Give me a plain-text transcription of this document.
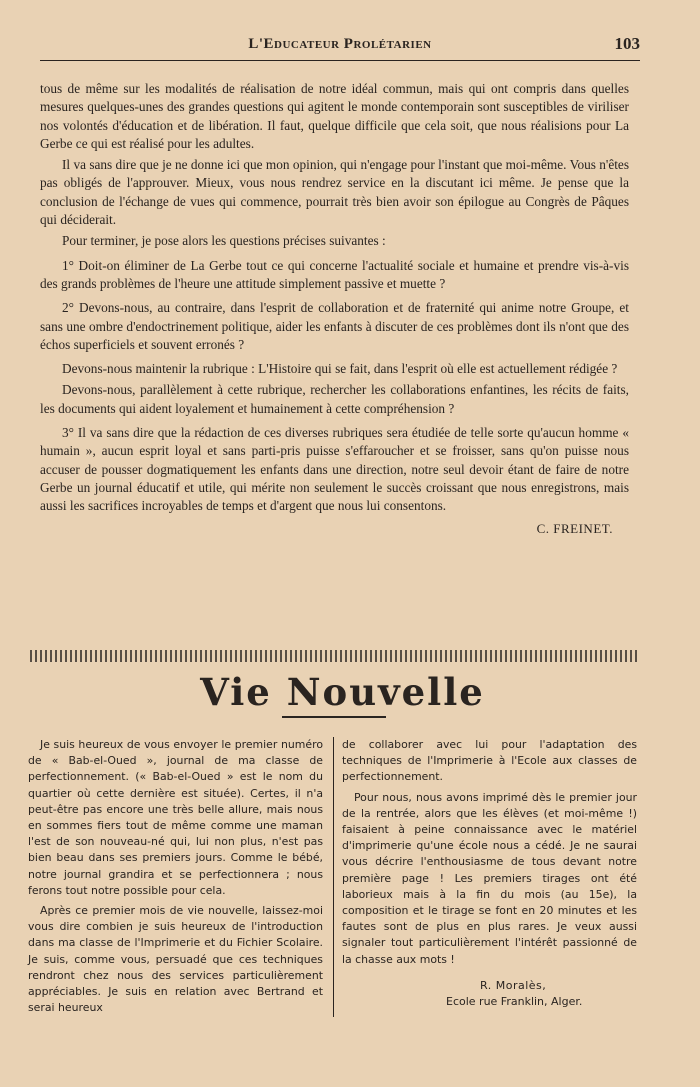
L'Educateur Prolétarien	103

tous de même sur les modalités de réalisation de notre idéal commun, mais qui ont compris dans quelles mesures quelques-unes des grandes questions qui agitent le monde contemporain sont susceptibles de viriliser nos volontés d'éducation et de libération. Il faut, quelque difficile que cela soit, que nous réalisions pour La Gerbe ce qui est réalisé pour les adultes.

Il va sans dire que je ne donne ici que mon opinion, qui n'engage pour l'instant que moi-même. Vous n'êtes pas obligés de l'approuver. Mieux, vous nous rendrez service en la discutant ici même. Je pense que la conclusion de l'échange de vues qui commence, pourrait très bien avoir son épilogue au Congrès de Pâques qui déciderait.

Pour terminer, je pose alors les questions précises suivantes :

1° Doit-on éliminer de La Gerbe tout ce qui concerne l'actualité sociale et humaine et prendre vis-à-vis des grands problèmes de l'heure une attitude simplement passive et muette ?

2° Devons-nous, au contraire, dans l'esprit de collaboration et de fraternité qui anime notre Groupe, et sans une ombre d'endoctrinement politique, aider les enfants à discuter de ces problèmes dont ils n'ont que des échos superficiels et souvent erronés ?

Devons-nous maintenir la rubrique : L'Histoire qui se fait, dans l'esprit où elle est actuellement rédigée ?

Devons-nous, parallèlement à cette rubrique, rechercher les collaborations enfantines, les récits de faits, les documents qui aident loyalement et humainement à cette compréhension ?

3° Il va sans dire que la rédaction de ces diverses rubriques sera étudiée de telle sorte qu'aucun homme « humain », aucun esprit loyal et sans parti-pris puisse s'effaroucher et se froisser, sans qu'on puisse nous accuser de pousser dogmatiquement les enfants dans une direction, notre seul devoir étant de faire de notre Gerbe un journal éducatif et utile, qui mérite non seulement le succès croissant que nous enregistrons, mais aussi les sacrifices incroyables de temps et d'argent que nous lui consentons.

C. FREINET.
Vie Nouvelle

Je suis heureux de vous envoyer le premier numéro de « Bab-el-Oued », journal de ma classe de perfectionnement. (« Bab-el-Oued » est le nom du quartier où cette dernière est située). Certes, il n'a peut-être pas encore une très belle allure, mais nous en sommes fiers tout de même comme une maman l'est de son nouveau-né qui, lui non plus, n'est pas bien beau dans ses premiers jours. Comme le bébé, notre journal grandira et se perfectionnera ; nous ferons tout notre possible pour cela.

Après ce premier mois de vie nouvelle, laissez-moi vous dire combien je suis heureux de l'introduction dans ma classe de l'Imprimerie et du Fichier Scolaire. Je suis, comme vous, persuadé que ces techniques rendront chez nous des services particulièrement appréciables. Je suis en relation avec Bertrand et serai heureux

de collaborer avec lui pour l'adaptation des techniques de l'Imprimerie à l'Ecole aux classes de perfectionnement.

Pour nous, nous avons imprimé dès le premier jour de la rentrée, alors que les élèves (et moi-même !) faisaient à peine connaissance avec le matériel d'imprimerie qu'une école nous a cédé. Je ne saurai vous décrire l'enthousiasme de tous devant notre première page ! Les premiers tirages ont été laborieux mais à la fin du mois (au 15e), la composition et le tirage se font en 20 minutes et les fautes sont de plus en plus rares. Je veux aussi signaler tout particulièrement l'intérêt passionné de la chasse aux mots !

R. Moralès,
Ecole rue Franklin, Alger.
